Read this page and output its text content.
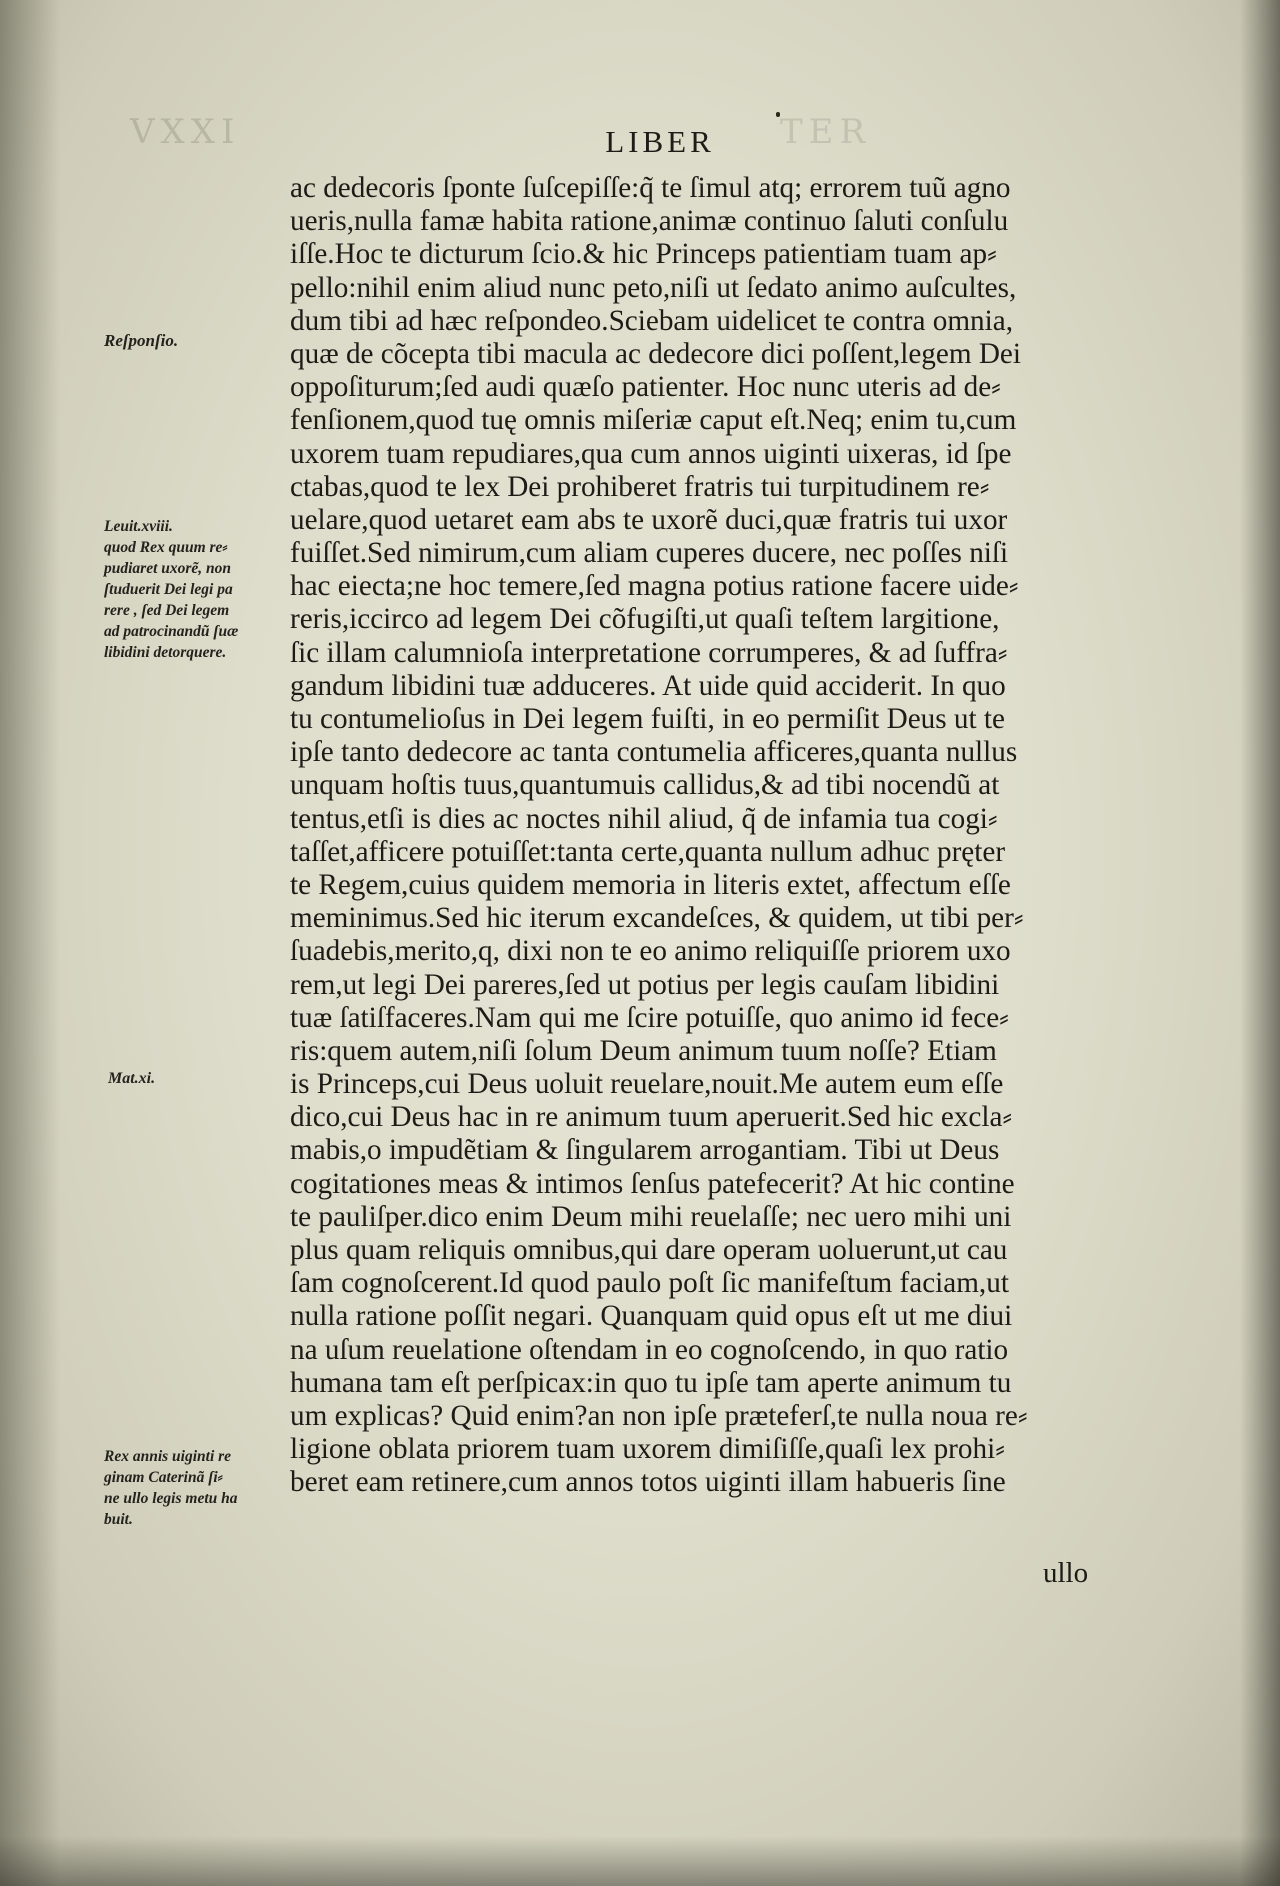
VXXI	TER
LIBER
Reſponſio.
Leuit.xviii.
quod Rex quum re⸗
pudiaret uxorẽ, non
ſtuduerit Dei legi pa
rere , ſed Dei legem
ad patrocinandũ ſuæ
libidini detorquere.
Mat.xi.
Rex annis uiginti re
ginam Caterinã ſi⸗
ne ullo legis metu ha
buit.
ac dedecoris ſponte ſuſcepiſſe:q̃ te ſimul atq; errorem tuũ agno
ueris,nulla famæ habita ratione,animæ continuo ſaluti conſulu
iſſe.Hoc te dicturum ſcio.& hic Princeps patientiam tuam ap⸗
pello:nihil enim aliud nunc peto,niſi ut ſedato animo auſcultes,
dum tibi ad hæc reſpondeo.Sciebam uidelicet te contra omnia,
quæ de cõcepta tibi macula ac dedecore dici poſſent,legem Dei
oppoſiturum;ſed audi quæſo patienter. Hoc nunc uteris ad de⸗
fenſionem,quod tuę omnis miſeriæ caput eſt.Neq; enim tu,cum
uxorem tuam repudiares,qua cum annos uiginti uixeras, id ſpe
ctabas,quod te lex Dei prohiberet fratris tui turpitudinem re⸗
uelare,quod uetaret eam abs te uxorẽ duci,quæ fratris tui uxor
fuiſſet.Sed nimirum,cum aliam cuperes ducere, nec poſſes niſi
hac eiecta;ne hoc temere,ſed magna potius ratione facere uide⸗
reris,iccirco ad legem Dei cõfugiſti,ut quaſi teſtem largitione,
ſic illam calumnioſa interpretatione corrumperes, & ad ſuffra⸗
gandum libidini tuæ adduceres. At uide quid acciderit. In quo
tu contumelioſus in Dei legem fuiſti, in eo permiſit Deus ut te
ipſe tanto dedecore ac tanta contumelia afficeres,quanta nullus
unquam hoſtis tuus,quantumuis callidus,& ad tibi nocendũ at
tentus,etſi is dies ac noctes nihil aliud, q̃ de infamia tua cogi⸗
taſſet,afficere potuiſſet:tanta certe,quanta nullum adhuc pręter
te Regem,cuius quidem memoria in literis extet, affectum eſſe
meminimus.Sed hic iterum excandeſces, & quidem, ut tibi per⸗
ſuadebis,merito,q, dixi non te eo animo reliquiſſe priorem uxo
rem,ut legi Dei pareres,ſed ut potius per legis cauſam libidini
tuæ ſatiſfaceres.Nam qui me ſcire potuiſſe, quo animo id fece⸗
ris:quem autem,niſi ſolum Deum animum tuum noſſe? Etiam
is Princeps,cui Deus uoluit reuelare,nouit.Me autem eum eſſe
dico,cui Deus hac in re animum tuum aperuerit.Sed hic excla⸗
mabis,o impudẽtiam & ſingularem arrogantiam. Tibi ut Deus
cogitationes meas & intimos ſenſus patefecerit? At hic contine
te pauliſper.dico enim Deum mihi reuelaſſe; nec uero mihi uni
plus quam reliquis omnibus,qui dare operam uoluerunt,ut cau
ſam cognoſcerent.Id quod paulo poſt ſic manifeſtum faciam,ut
nulla ratione poſſit negari. Quanquam quid opus eſt ut me diui
na uſum reuelatione oſtendam in eo cognoſcendo, in quo ratio
humana tam eſt perſpicax:in quo tu ipſe tam aperte animum tu
um explicas? Quid enim?an non ipſe præteferſ,te nulla noua re⸗
ligione oblata priorem tuam uxorem dimiſiſſe,quaſi lex prohi⸗
beret eam retinere,cum annos totos uiginti illam habueris ſine
ullo
